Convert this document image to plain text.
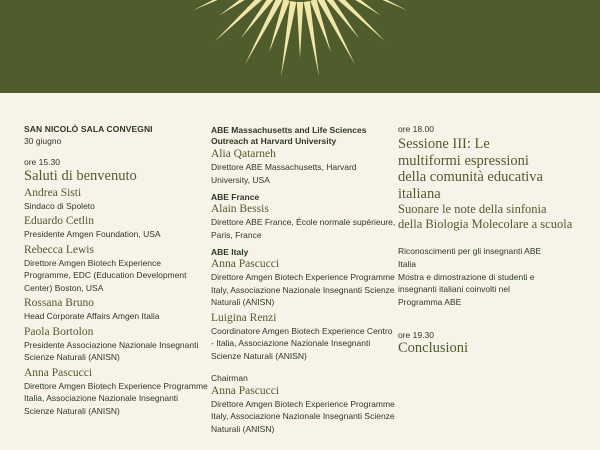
SAN NICOLÒ SALA CONVEGNI
30 giugno
ore 15.30
Saluti di benvenuto
Andrea Sisti
Sindaco di Spoleto
Eduardo Cetlin
Presidente Amgen Foundation, USA
Rebecca Lewis
Direttore Amgen Biotech Experience Programme, EDC (Education Development Center) Boston, USA
Rossana Bruno
Head Corporate Affairs Amgen Italia
Paola Bortolon
Presidente Associazione Nazionale Insegnanti Scienze Naturali (ANISN)
Anna Pascucci
Direttore Amgen Biotech Experience Programme Italia, Associazione Nazionale Insegnanti Scienze Naturali (ANISN)
ABE Massachusetts and Life Sciences Outreach at Harvard University
Alia Qatarneh
Direttore ABE Massachusetts, Harvard University, USA
ABE France
Alain Bessis
Direttore ABE France, École normale supérieure, Paris, France
ABE Italy
Anna Pascucci
Direttore Amgen Biotech Experience Programme Italy, Associazione Nazionale Insegnanti Scienze Naturali (ANISN)
Luigina Renzi
Coordinatore Amgen Biotech Experience Centro - Italia, Associazione Nazionale Insegnanti Scienze Naturali (ANISN)
Chairman
Anna Pascucci
Direttore Amgen Biotech Experience Programme Italy, Associazione Nazionale Insegnanti Scienze Naturali (ANISN)
ore 18.00
Sessione III: Le multiformi espressioni della comunità educativa italiana
Suonare le note della sinfonia della Biologia Molecolare a scuola
Riconoscimenti per gli insegnanti ABE Italia
Mostra e dimostrazione di studenti e insegnanti italiani coinvolti nel Programma ABE
ore 19.30
Conclusioni
